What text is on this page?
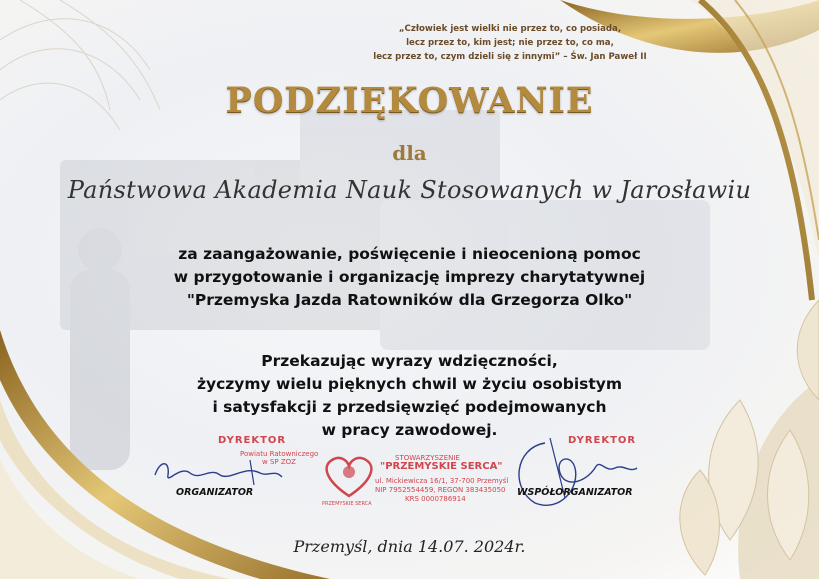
„Człowiek jest wielki nie przez to, co posiada,
lecz przez to, kim jest; nie przez to, co ma,
lecz przez to, czym dzieli się z innymi” – Św. Jan Paweł II
PODZIĘKOWANIE
dla
Państwowa Akademia Nauk Stosowanych w Jarosławiu
za zaangażowanie, poświęcenie i nieocenioną pomoc
w przygotowanie i organizację imprezy charytatywnej
"Przemyska Jazda Ratowników dla Grzegorza Olko"
Przekazując wyrazy wdzięczności,
życzymy wielu pięknych chwil w życiu osobistym
i satysfakcji z przedsięwzięć podejmowanych
w pracy zawodowej.
DYREKTOR
Powiatu Ratowniczego
w SP ZOZ
ORGANIZATOR
PRZEMYSKIE SERCA
STOWARZYSZENIE
"PRZEMYSKIE SERCA"
ul. Mickiewicza 16/1, 37-700 Przemyśl
NIP 7952554459, REGON 383435050
KRS 0000786914
DYREKTOR
WSPÓŁORGANIZATOR
Przemyśl, dnia 14.07. 2024r.
